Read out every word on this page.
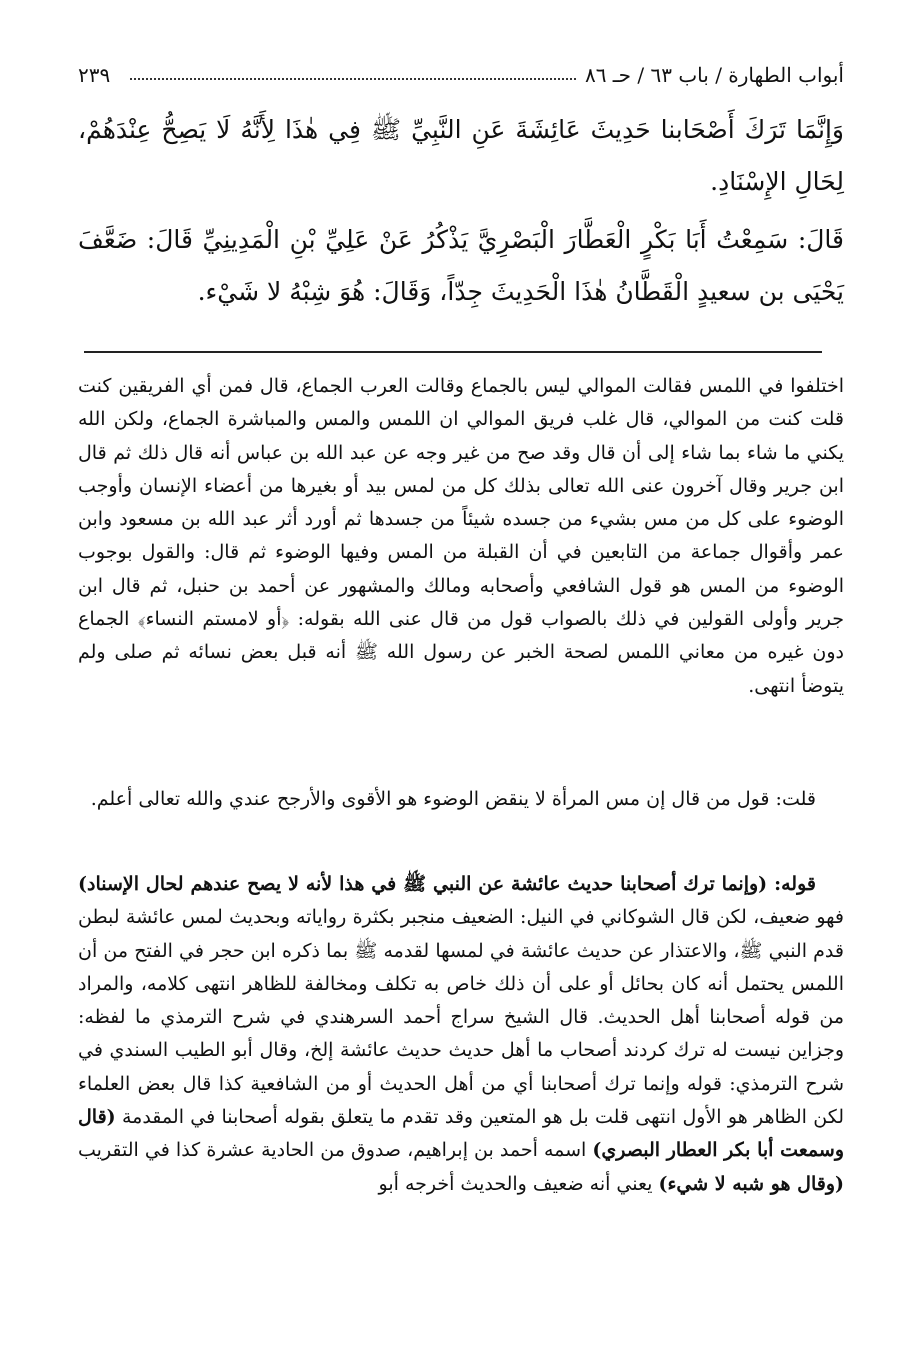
أبواب الطهارة / باب ٦٣ / حـ ٨٦
٢٣٩
وَإِنَّمَا تَرَكَ أَصْحَابنا حَدِيثَ عَائِشَةَ عَنِ النَّبِيِّ ﷺ فِي هٰذَا لِأَنَّهُ لَا يَصِحُّ عِنْدَهُمْ، لِحَالِ الإِسْنَادِ.
قَالَ: سَمِعْتُ أَبَا بَكْرٍ الْعَطَّارَ الْبَصْرِيَّ يَذْكُرُ عَنْ عَلِيِّ بْنِ الْمَدِينِيِّ قَالَ: ضَعَّفَ يَحْيَى بن سعيدٍ الْقَطَّانُ هٰذَا الْحَدِيثَ جِدّاً، وَقَالَ: هُوَ شِبْهُ لا شَيْء.
اختلفوا في اللمس فقالت الموالي ليس بالجماع وقالت العرب الجماع، قال فمن أي الفريقين كنت قلت كنت من الموالي، قال غلب فريق الموالي ان اللمس والمس والمباشرة الجماع، ولكن الله يكني ما شاء بما شاء إلى أن قال وقد صح من غير وجه عن عبد الله بن عباس أنه قال ذلك ثم قال ابن جرير وقال آخرون عنى الله تعالى بذلك كل من لمس بيد أو بغيرها من أعضاء الإنسان وأوجب الوضوء على كل من مس بشيء من جسده شيئاً من جسدها ثم أورد أثر عبد الله بن مسعود وابن عمر وأقوال جماعة من التابعين في أن القبلة من المس وفيها الوضوء ثم قال: والقول بوجوب الوضوء من المس هو قول الشافعي وأصحابه ومالك والمشهور عن أحمد بن حنبل، ثم قال ابن جرير وأولى القولين في ذلك بالصواب قول من قال عنى الله بقوله: ﴿أو لامستم النساء﴾ الجماع دون غيره من معاني اللمس لصحة الخبر عن رسول الله ﷺ أنه قبل بعض نسائه ثم صلى ولم يتوضأ انتهى.
قلت: قول من قال إن مس المرأة لا ينقض الوضوء هو الأقوى والأرجح عندي والله تعالى أعلم.
قوله: (وإنما ترك أصحابنا حديث عائشة عن النبي ﷺ في هذا لأنه لا يصح عندهم لحال الإسناد) فهو ضعيف، لكن قال الشوكاني في النيل: الضعيف منجبر بكثرة رواياته وبحديث لمس عائشة لبطن قدم النبي ﷺ، والاعتذار عن حديث عائشة في لمسها لقدمه ﷺ بما ذكره ابن حجر في الفتح من أن اللمس يحتمل أنه كان بحائل أو على أن ذلك خاص به تكلف ومخالفة للظاهر انتهى كلامه، والمراد من قوله أصحابنا أهل الحديث. قال الشيخ سراج أحمد السرهندي في شرح الترمذي ما لفظه: وجزاين نيست له ترك كردند أصحاب ما أهل حديث حديث عائشة إلخ، وقال أبو الطيب السندي في شرح الترمذي: قوله وإنما ترك أصحابنا أي من أهل الحديث أو من الشافعية كذا قال بعض العلماء لكن الظاهر هو الأول انتهى قلت بل هو المتعين وقد تقدم ما يتعلق بقوله أصحابنا في المقدمة (قال وسمعت أبا بكر العطار البصري) اسمه أحمد بن إبراهيم، صدوق من الحادية عشرة كذا في التقريب (وقال هو شبه لا شيء) يعني أنه ضعيف والحديث أخرجه أبو
